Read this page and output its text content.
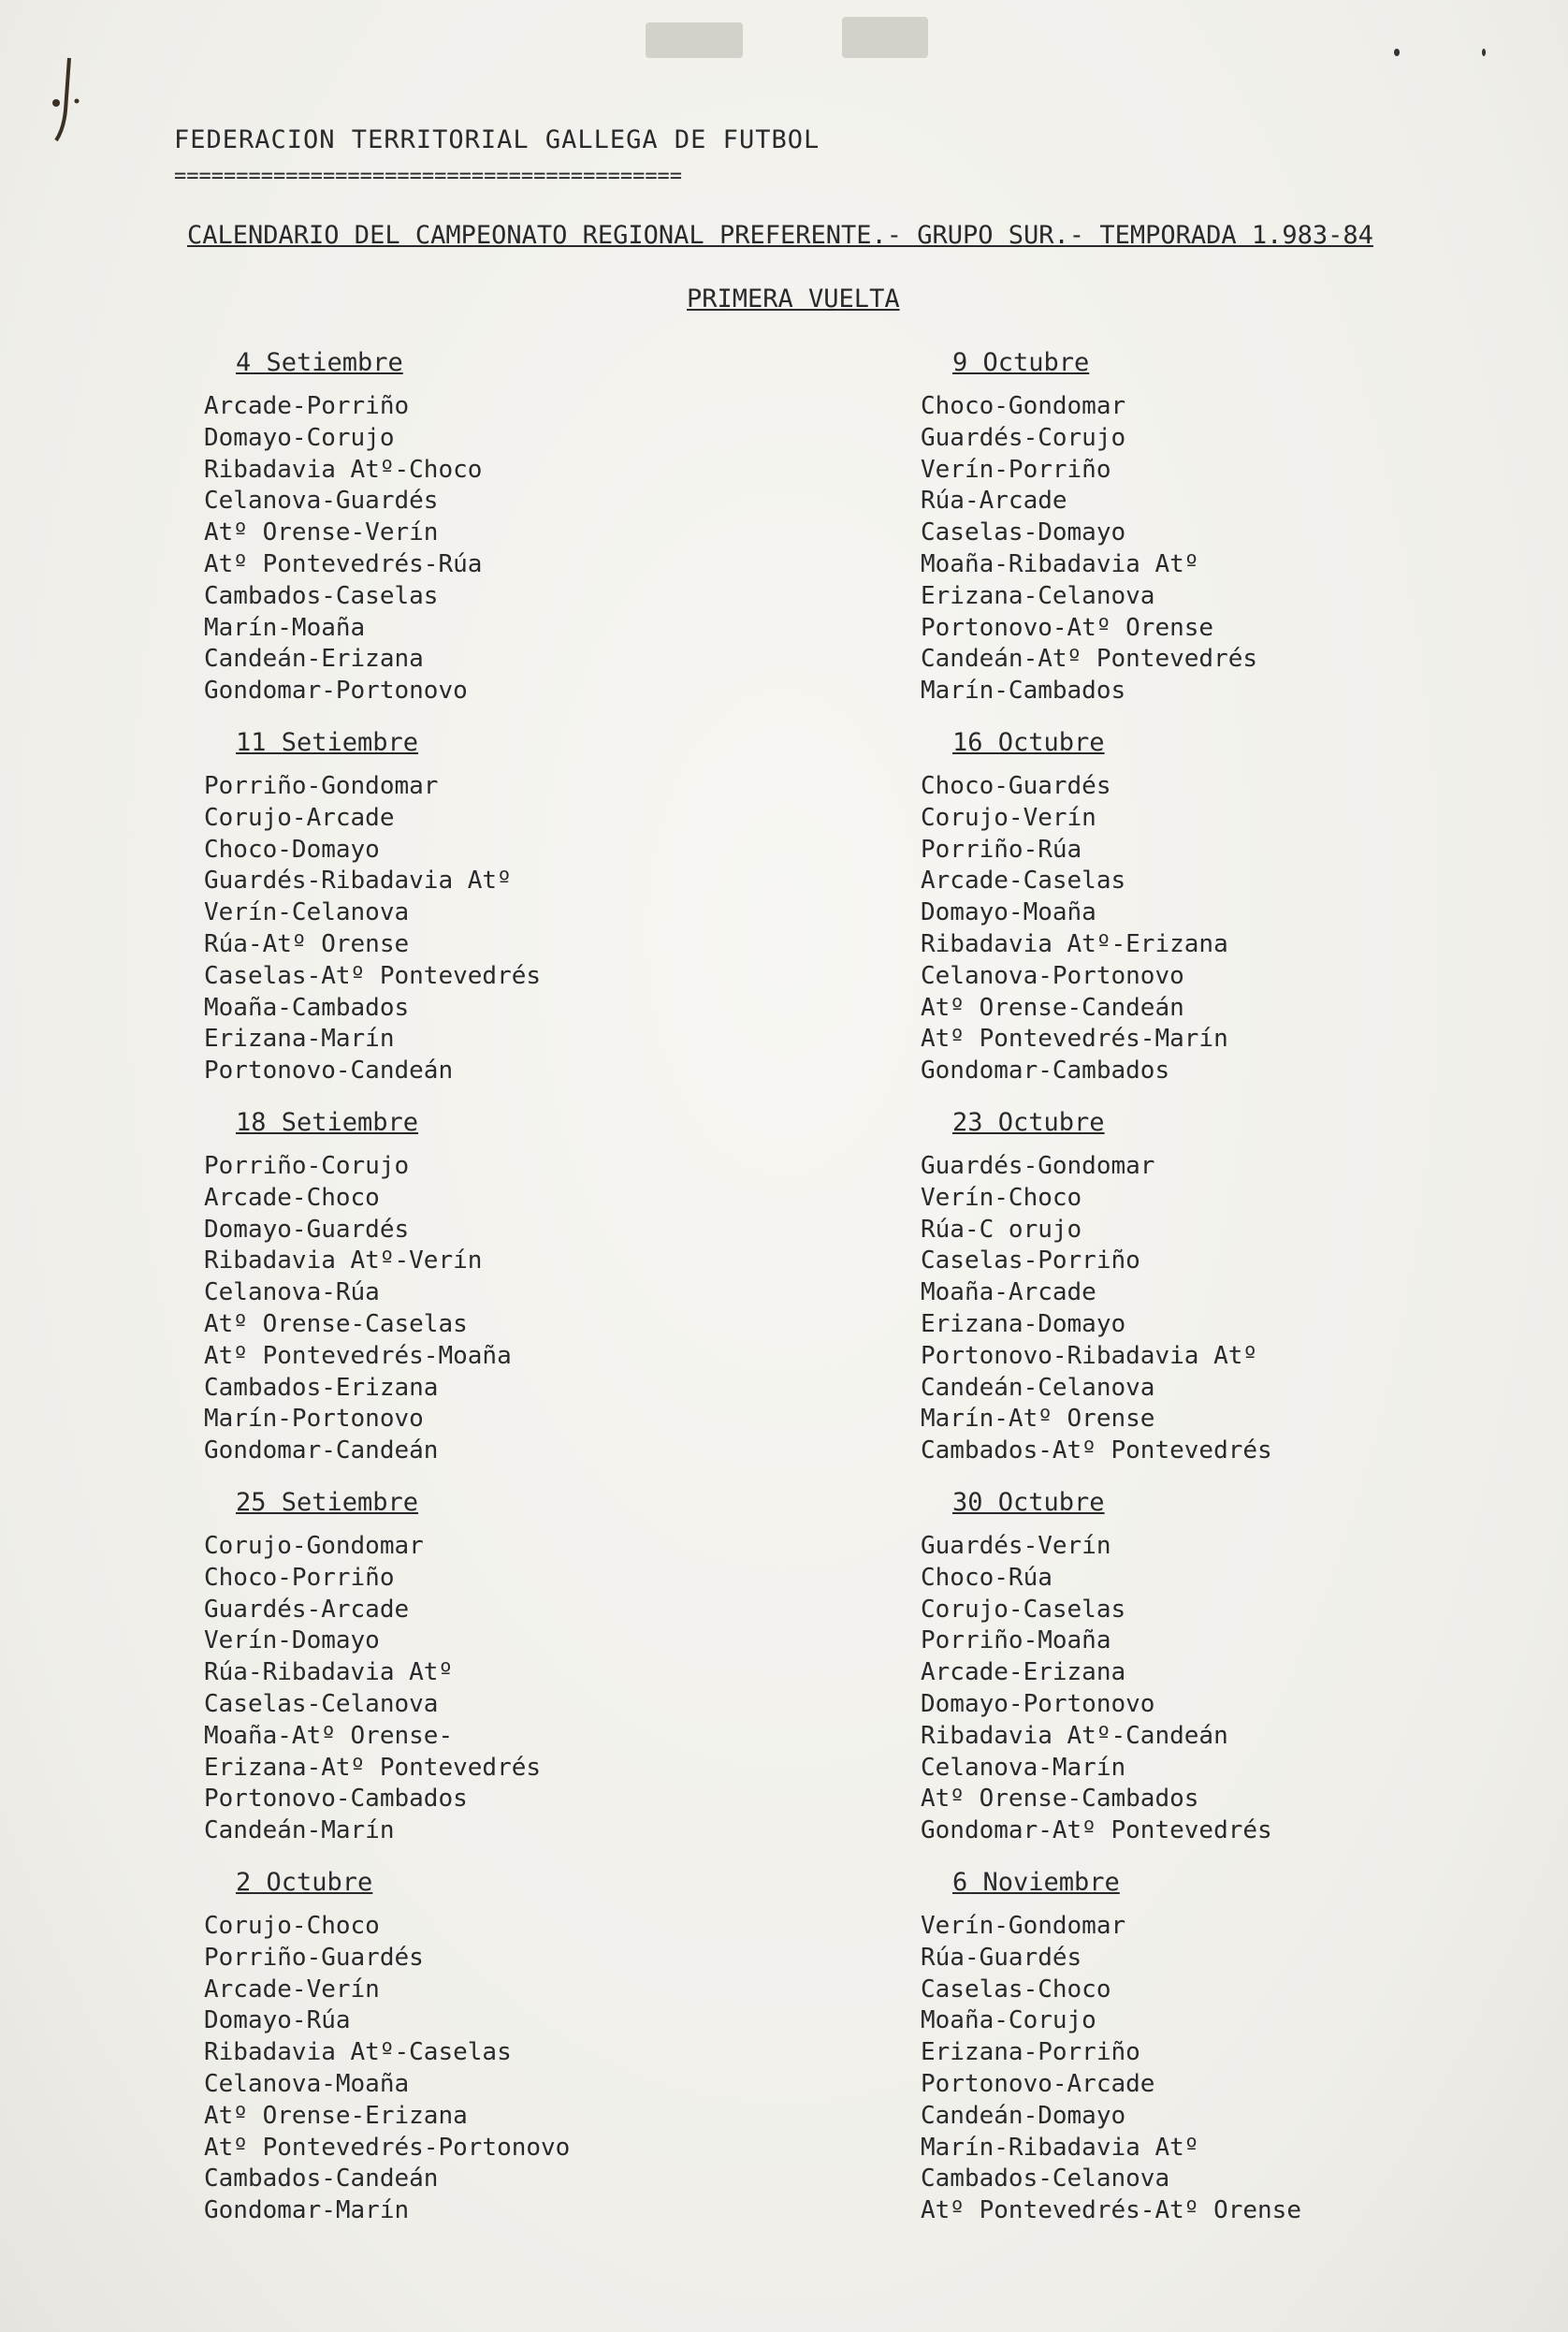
FEDERACION TERRITORIAL GALLEGA DE FUTBOL
=========================================
CALENDARIO DEL CAMPEONATO REGIONAL PREFERENTE.- GRUPO SUR.- TEMPORADA 1.983-84
PRIMERA VUELTA
4 Setiembre
Arcade-Porriño
Domayo-Corujo
Ribadavia Atº-Choco
Celanova-Guardés
Atº Orense-Verín
Atº Pontevedrés-Rúa
Cambados-Caselas
Marín-Moaña
Candeán-Erizana
Gondomar-Portonovo
11 Setiembre
Porriño-Gondomar
Corujo-Arcade
Choco-Domayo
Guardés-Ribadavia Atº
Verín-Celanova
Rúa-Atº Orense
Caselas-Atº Pontevedrés
Moaña-Cambados
Erizana-Marín
Portonovo-Candeán
18 Setiembre
Porriño-Corujo
Arcade-Choco
Domayo-Guardés
Ribadavia Atº-Verín
Celanova-Rúa
Atº Orense-Caselas
Atº Pontevedrés-Moaña
Cambados-Erizana
Marín-Portonovo
Gondomar-Candeán
25 Setiembre
Corujo-Gondomar
Choco-Porriño
Guardés-Arcade
Verín-Domayo
Rúa-Ribadavia Atº
Caselas-Celanova
Moaña-Atº Orense-
Erizana-Atº Pontevedrés
Portonovo-Cambados
Candeán-Marín
2 Octubre
Corujo-Choco
Porriño-Guardés
Arcade-Verín
Domayo-Rúa
Ribadavia Atº-Caselas
Celanova-Moaña
Atº Orense-Erizana
Atº Pontevedrés-Portonovo
Cambados-Candeán
Gondomar-Marín
9 Octubre
Choco-Gondomar
Guardés-Corujo
Verín-Porriño
Rúa-Arcade
Caselas-Domayo
Moaña-Ribadavia Atº
Erizana-Celanova
Portonovo-Atº Orense
Candeán-Atº Pontevedrés
Marín-Cambados
16 Octubre
Choco-Guardés
Corujo-Verín
Porriño-Rúa
Arcade-Caselas
Domayo-Moaña
Ribadavia Atº-Erizana
Celanova-Portonovo
Atº Orense-Candeán
Atº Pontevedrés-Marín
Gondomar-Cambados
23 Octubre
Guardés-Gondomar
Verín-Choco
Rúa-C orujo
Caselas-Porriño
Moaña-Arcade
Erizana-Domayo
Portonovo-Ribadavia Atº
Candeán-Celanova
Marín-Atº Orense
Cambados-Atº Pontevedrés
30 Octubre
Guardés-Verín
Choco-Rúa
Corujo-Caselas
Porriño-Moaña
Arcade-Erizana
Domayo-Portonovo
Ribadavia Atº-Candeán
Celanova-Marín
Atº Orense-Cambados
Gondomar-Atº Pontevedrés
6 Noviembre
Verín-Gondomar
Rúa-Guardés
Caselas-Choco
Moaña-Corujo
Erizana-Porriño
Portonovo-Arcade
Candeán-Domayo
Marín-Ribadavia Atº
Cambados-Celanova
Atº Pontevedrés-Atº Orense
